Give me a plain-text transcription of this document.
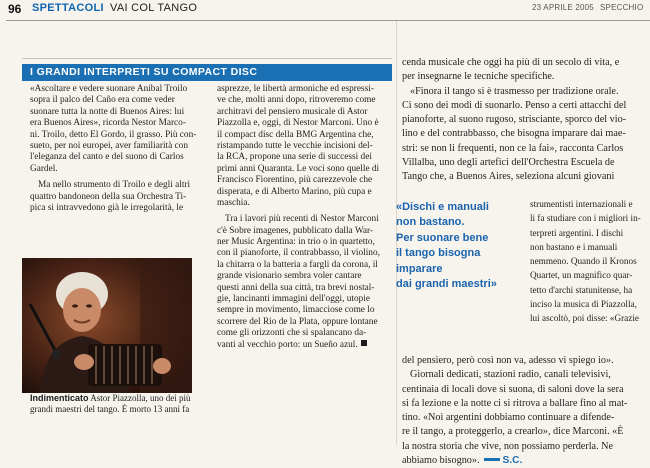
96 SPETTACOLI VAI COL TANGO	23 APRILE 2005 SPECCHIO
I GRANDI INTERPRETI SU COMPACT DISC
«Ascoltare e vedere suonare Anibal Troilo
sopra il palco del Caño era come veder
suonare tutta la notte di Buenos Aires: lui
era Buenos Aires», ricorda Nestor Marco-
ni. Troilo, detto El Gordo, il grasso. Più con-
sueto, per noi europei, aver familiarità con
l'eleganza del canto e del suono di Carlos
Gardel.
Ma nello strumento di Troilo e degli altri
quattro bandoneon della sua Orchestra Ti-
pica si intravvedono già le irregolarità, le
asprezze, le libertà armoniche ed espressi-
ve che, molti anni dopo, ritroveremo come
architravi del pensiero musicale di Astor
Piazzolla e, oggi, di Nestor Marconi. Uno è
il compact disc della BMG Argentina che,
ristampando tutte le vecchie incisioni del-
la RCA, propone una serie di successi dei
primi anni Quaranta. Le voci sono quelle di
Francisco Fiorentino, più carezzevole che
disperata, e di Alberto Marino, più cupa e
maschia.
Tra i lavori più recenti di Nestor Marconi
c'è Sobre imagenes, pubblicato dalla War-
ner Music Argentina: in trio o in quartetto,
con il pianoforte, il contrabbasso, il violino,
la chitarra o la batteria a fargli da corona, il
grande visionario sembra voler cantare
questi anni della sua città, tra brevi nostal-
gie, lancinanti immagini dell'oggi, utopie
sempre in movimento, limacciose come lo
scorrere del Rio de la Plata, oppure lontane
come gli orizzonti che si spalancano da-
vanti al vecchio porto: un Sueño azul.
Indimenticato Astor Piazzolla, uno dei più
grandi maestri del tango. È morto 13 anni fa
cenda musicale che oggi ha più di un secolo di vita, e
per insegnarne le tecniche specifiche.
«Finora il tango si è trasmesso per tradizione orale.
Ci sono dei modi di suonarlo. Penso a certi attacchi del
pianoforte, al suono rugoso, strisciante, sporco del vio-
lino e del contrabbasso, che bisogna imparare dai mae-
stri: se non li frequenti, non ce la fai», racconta Carlos
Villalba, uno degli artefici dell'Orchestra Escuela de
Tango che, a Buenos Aires, seleziona alcuni giovani
«Dischi e manuali
non bastano.
Per suonare bene
il tango bisogna
imparare
dai grandi maestri»
strumentisti internazionali e
li fa studiare con i migliori in-
terpreti argentini. I dischi
non bastano e i manuali
nemmeno. Quando il Kronos
Quartet, un magnifico quar-
tetto d'archi statunitense, ha
inciso la musica di Piazzolla,
lui ascoltò, poi disse: «Grazie
del pensiero, però così non va, adesso vi spiego io».
Giornali dedicati, stazioni radio, canali televisivi,
centinaia di locali dove si suona, di saloni dove la sera
si fa lezione e la notte ci si ritrova a ballare fino al mat-
tino. «Noi argentini dobbiamo continuare a difende-
re il tango, a proteggerlo, a crearlo», dice Marconi. «È
la nostra storia che vive, non possiamo perderla. Ne
abbiamo bisogno». S.C.
